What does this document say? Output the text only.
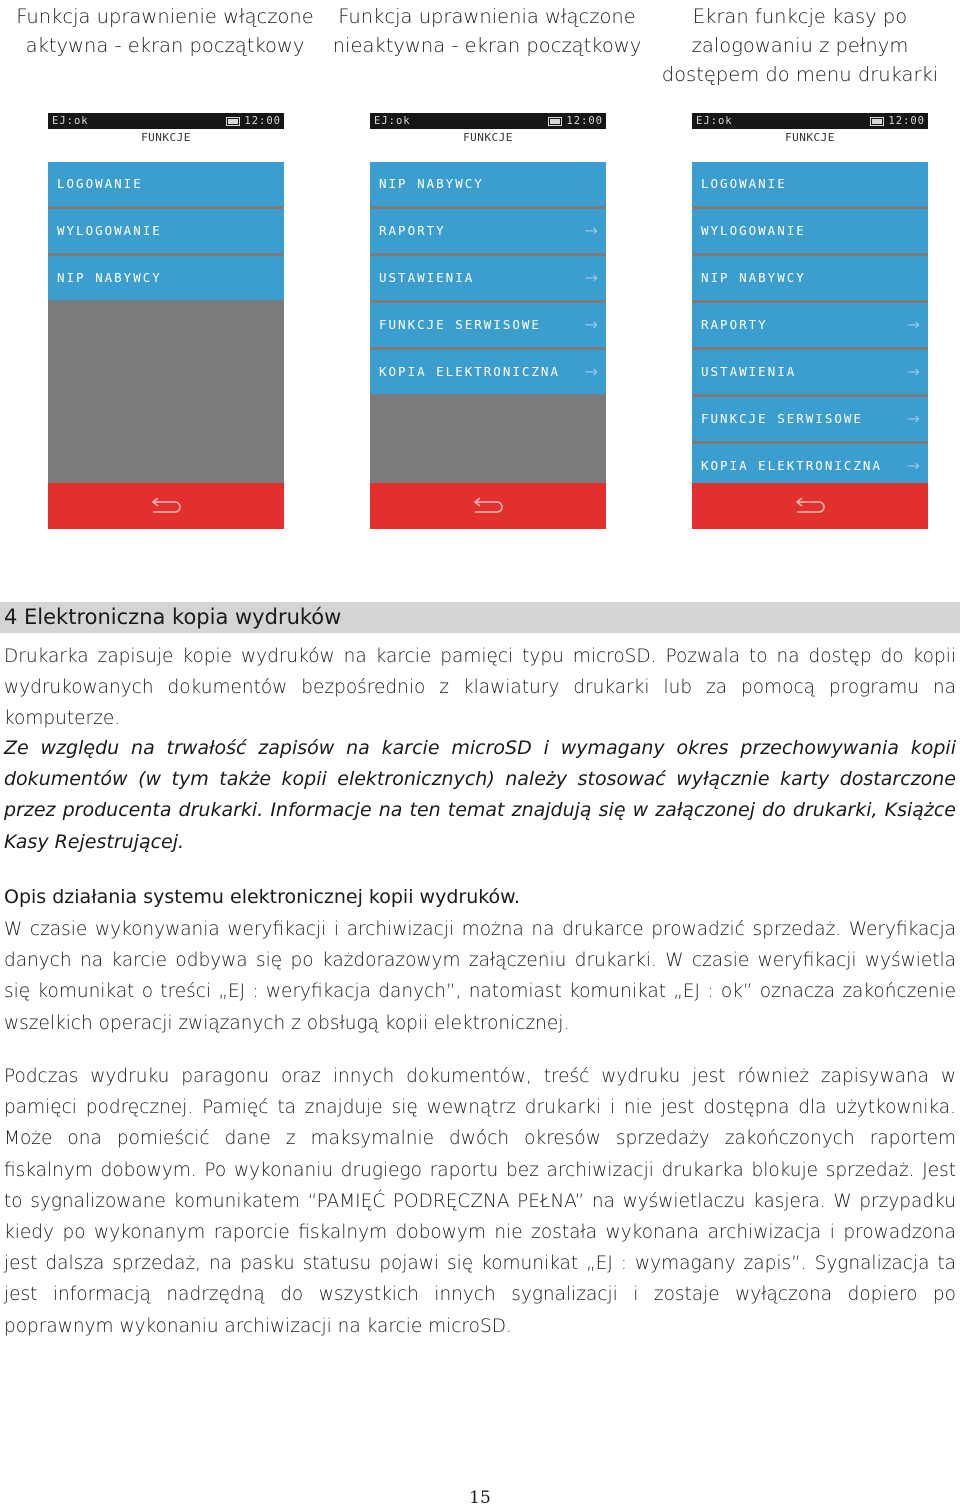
Funkcja uprawnienie włączone
aktywna - ekran początkowy
Funkcja uprawnienia włączone
nieaktywna - ekran początkowy
Ekran funkcje kasy po
zalogowaniu z pełnym
dostępem do menu drukarki
EJ:ok	12:00
FUNKCJE
LOGOWANIE
WYLOGOWANIE
NIP NABYWCY
EJ:ok	12:00
FUNKCJE
NIP NABYWCY
RAPORTY	→
USTAWIENIA	→
FUNKCJE SERWISOWE	→
KOPIA ELEKTRONICZNA →
EJ:ok	12:00
FUNKCJE
LOGOWANIE
WYLOGOWANIE
NIP NABYWCY
RAPORTY	→
USTAWIENIA	→
FUNKCJE SERWISOWE	→
KOPIA ELEKTRONICZNA →
4 Elektroniczna kopia wydruków

Drukarka zapisuje kopie wydruków na karcie pamięci typu microSD. Pozwala to na dostęp do kopii wydrukowanych dokumentów bezpośrednio z klawiatury drukarki lub za pomocą programu na komputerze.

Ze względu na trwałość zapisów na karcie microSD i wymagany okres przechowywania kopii dokumentów (w tym także kopii elektronicznych) należy stosować wyłącznie karty dostarczone przez producenta drukarki. Informacje na ten temat znajdują się w załączonej do drukarki, Książce Kasy Rejestrującej.

Opis działania systemu elektronicznej kopii wydruków.

W czasie wykonywania weryfikacji i archiwizacji można na drukarce prowadzić sprzedaż. Weryfikacja danych na karcie odbywa się po każdorazowym załączeniu drukarki. W czasie weryfikacji wyświetla się komunikat o treści „EJ : weryfikacja danych”, natomiast komunikat „EJ : ok” oznacza zakończenie wszelkich operacji związanych z obsługą kopii elektronicznej.

Podczas wydruku paragonu oraz innych dokumentów, treść wydruku jest również zapisywana w pamięci podręcznej. Pamięć ta znajduje się wewnątrz drukarki i nie jest dostępna dla użytkownika. Może ona pomieścić dane z maksymalnie dwóch okresów sprzedaży zakończonych raportem fiskalnym dobowym. Po wykonaniu drugiego raportu bez archiwizacji drukarka blokuje sprzedaż. Jest to sygnalizowane komunikatem “PAMIĘĆ PODRĘCZNA PEŁNA” na wyświetlaczu kasjera. W przypadku kiedy po wykonanym raporcie fiskalnym dobowym nie została wykonana archiwizacja i prowadzona jest dalsza sprzedaż, na pasku statusu pojawi się komunikat „EJ : wymagany zapis”. Sygnalizacja ta jest informacją nadrzędną do wszystkich innych sygnalizacji i zostaje wyłączona dopiero po poprawnym wykonaniu archiwizacji na karcie microSD.

15
